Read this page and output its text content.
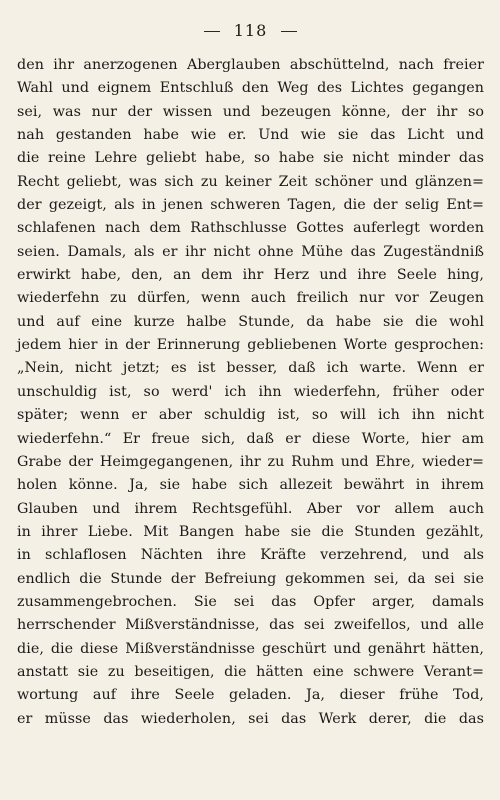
118
den ihr anerzogenen Aberglauben abschüttelnd, nach freier
Wahl und eignem Entschluß den Weg des Lichtes gegangen
sei, was nur der wissen und bezeugen könne, der ihr so
nah gestanden habe wie er. Und wie sie das Licht und
die reine Lehre geliebt habe, so habe sie nicht minder das
Recht geliebt, was sich zu keiner Zeit schöner und glänzen=
der gezeigt, als in jenen schweren Tagen, die der selig Ent=
schlafenen nach dem Rathschlusse Gottes auferlegt worden
seien. Damals, als er ihr nicht ohne Mühe das Zugeständniß
erwirkt habe, den, an dem ihr Herz und ihre Seele hing,
wiederfehn zu dürfen, wenn auch freilich nur vor Zeugen
und auf eine kurze halbe Stunde, da habe sie die wohl
jedem hier in der Erinnerung gebliebenen Worte gesprochen:
„Nein, nicht jetzt; es ist besser, daß ich warte. Wenn er
unschuldig ist, so werd' ich ihn wiederfehn, früher oder
später; wenn er aber schuldig ist, so will ich ihn nicht
wiederfehn.“ Er freue sich, daß er diese Worte, hier am
Grabe der Heimgegangenen, ihr zu Ruhm und Ehre, wieder=
holen könne. Ja, sie habe sich allezeit bewährt in ihrem
Glauben und ihrem Rechtsgefühl. Aber vor allem auch
in ihrer Liebe. Mit Bangen habe sie die Stunden gezählt,
in schlaflosen Nächten ihre Kräfte verzehrend, und als
endlich die Stunde der Befreiung gekommen sei, da sei sie
zusammengebrochen. Sie sei das Opfer arger, damals
herrschender Mißverständnisse, das sei zweifellos, und alle
die, die diese Mißverständnisse geschürt und genährt hätten,
anstatt sie zu beseitigen, die hätten eine schwere Verant=
wortung auf ihre Seele geladen. Ja, dieser frühe Tod,
er müsse das wiederholen, sei das Werk derer, die das
